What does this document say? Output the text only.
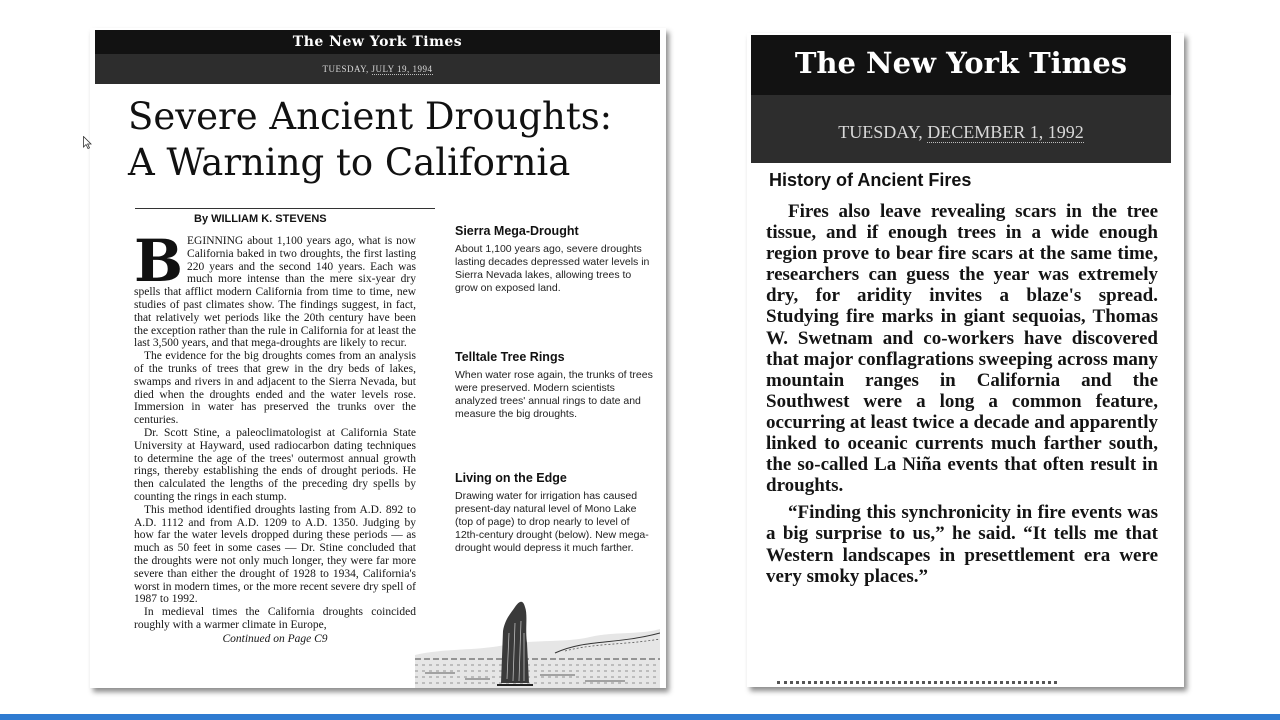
The New York Times
TUESDAY, JULY 19, 1994
Severe Ancient Droughts:
A Warning to California
By WILLIAM K. STEVENS

BEGINNING about 1,100 years ago, what is now California baked in two droughts, the first lasting 220 years and the second 140 years. Each was much more intense than the mere six-year dry spells that afflict modern California from time to time, new studies of past climates show. The findings suggest, in fact, that relatively wet periods like the 20th century have been the exception rather than the rule in California for at least the last 3,500 years, and that mega-droughts are likely to recur.

The evidence for the big droughts comes from an analysis of the trunks of trees that grew in the dry beds of lakes, swamps and rivers in and adjacent to the Sierra Nevada, but died when the droughts ended and the water levels rose. Immersion in water has preserved the trunks over the centuries.

Dr. Scott Stine, a paleoclimatologist at California State University at Hayward, used radiocarbon dating techniques to determine the age of the trees' outermost annual growth rings, thereby establishing the ends of drought periods. He then calculated the lengths of the preceding dry spells by counting the rings in each stump.

This method identified droughts lasting from A.D. 892 to A.D. 1112 and from A.D. 1209 to A.D. 1350. Judging by how far the water levels dropped during these periods — as much as 50 feet in some cases — Dr. Stine concluded that the droughts were not only much longer, they were far more severe than either the drought of 1928 to 1934, California's worst in modern times, or the more recent severe dry spell of 1987 to 1992.

In medieval times the California droughts coincided roughly with a warmer climate in Europe,

Continued on Page C9

Sierra Mega-Drought

About 1,100 years ago, severe droughts lasting decades depressed water levels in Sierra Nevada lakes, allowing trees to grow on exposed land.

Telltale Tree Rings

When water rose again, the trunks of trees were preserved. Modern scientists analyzed trees' annual rings to date and measure the big droughts.

Living on the Edge

Drawing water for irrigation has caused present-day natural level of Mono Lake (top of page) to drop nearly to level of 12th-century drought (below). New mega-drought would depress it much farther.

The New York Times
TUESDAY, DECEMBER 1, 1992
History of Ancient Fires

Fires also leave revealing scars in the tree tissue, and if enough trees in a wide enough region prove to bear fire scars at the same time, researchers can guess the year was extremely dry, for aridity invites a blaze's spread. Studying fire marks in giant sequoias, Thomas W. Swetnam and co-workers have discovered that major conflagrations sweeping across many mountain ranges in California and the Southwest were a long a common feature, occurring at least twice a decade and apparently linked to oceanic currents much farther south, the so-called La Niña events that often result in droughts.

“Finding this synchronicity in fire events was a big surprise to us,” he said. “It tells me that Western landscapes in presettlement era were very smoky places.”
